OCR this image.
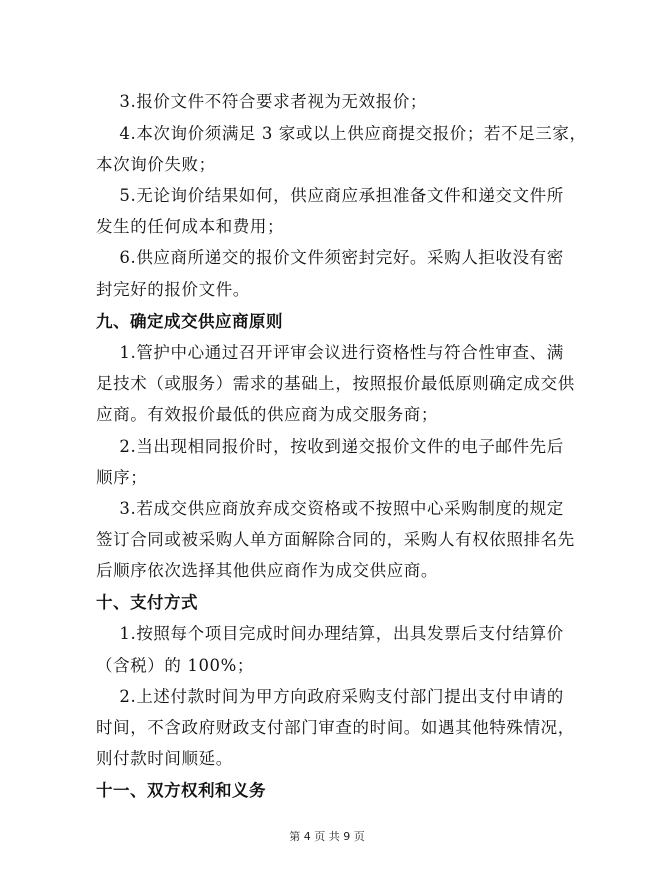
3.报价文件不符合要求者视为无效报价；
4.本次询价须满足 3 家或以上供应商提交报价；若不足三家，
本次询价失败；
5.无论询价结果如何，供应商应承担准备文件和递交文件所
发生的任何成本和费用；
6.供应商所递交的报价文件须密封完好。采购人拒收没有密
封完好的报价文件。
九、确定成交供应商原则
1.管护中心通过召开评审会议进行资格性与符合性审查、满
足技术（或服务）需求的基础上，按照报价最低原则确定成交供
应商。有效报价最低的供应商为成交服务商；
2.当出现相同报价时，按收到递交报价文件的电子邮件先后
顺序；
3.若成交供应商放弃成交资格或不按照中心采购制度的规定
签订合同或被采购人单方面解除合同的，采购人有权依照排名先
后顺序依次选择其他供应商作为成交供应商。
十、支付方式
1.按照每个项目完成时间办理结算，出具发票后支付结算价
（含税）的 100%；
2.上述付款时间为甲方向政府采购支付部门提出支付申请的
时间，不含政府财政支付部门审查的时间。如遇其他特殊情况，
则付款时间顺延。
十一、双方权利和义务
第 4 页 共 9 页
